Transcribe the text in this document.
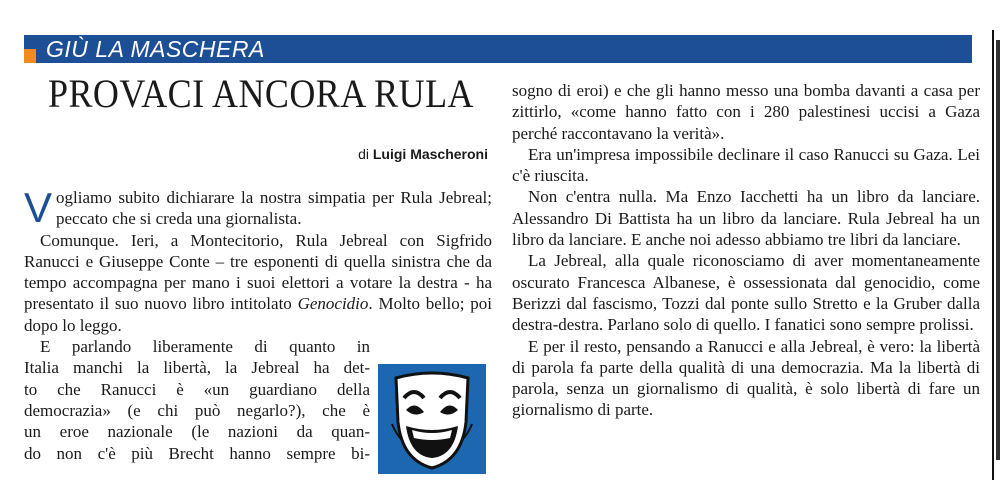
GIÙ LA MASCHERA
PROVACI ANCORA RULA
di Luigi Mascheroni

Vogliamo subito dichiarare la nostra simpatia per Rula Jebreal; peccato che si creda una giornalista.

Comunque. Ieri, a Montecitorio, Rula Jebreal con Sigfrido Ranucci e Giuseppe Conte – tre esponenti di quella sinistra che da tempo accompagna per mano i suoi elettori a votare la destra - ha presentato il suo nuovo libro intitolato Genocidio. Molto bello; poi dopo lo leggo.

E parlando liberamente di quanto in
Italia manchi la libertà, la Jebreal ha det-
to che Ranucci è «un guardiano della
democrazia» (e chi può negarlo?), che è
un eroe nazionale (le nazioni da quan-
do non c'è più Brecht hanno sempre bi-

sogno di eroi) e che gli hanno messo una bomba davanti a casa per zittirlo, «come hanno fatto con i 280 palestinesi uccisi a Gaza perché raccontavano la verità».

Era un'impresa impossibile declinare il caso Ranucci su Gaza. Lei c'è riuscita.

Non c'entra nulla. Ma Enzo Iacchetti ha un libro da lanciare. Alessandro Di Battista ha un libro da lanciare. Rula Jebreal ha un libro da lanciare. E anche noi adesso abbiamo tre libri da lanciare.

La Jebreal, alla quale riconosciamo di aver momentaneamente oscurato Francesca Albanese, è ossessionata dal genocidio, come Berizzi dal fascismo, Tozzi dal ponte sullo Stretto e la Gruber dalla destra-destra. Parlano solo di quello. I fanatici sono sempre prolissi.

E per il resto, pensando a Ranucci e alla Jebreal, è vero: la libertà di parola fa parte della qualità di una democrazia. Ma la libertà di parola, senza un giornalismo di qualità, è solo libertà di fare un giornalismo di parte.
